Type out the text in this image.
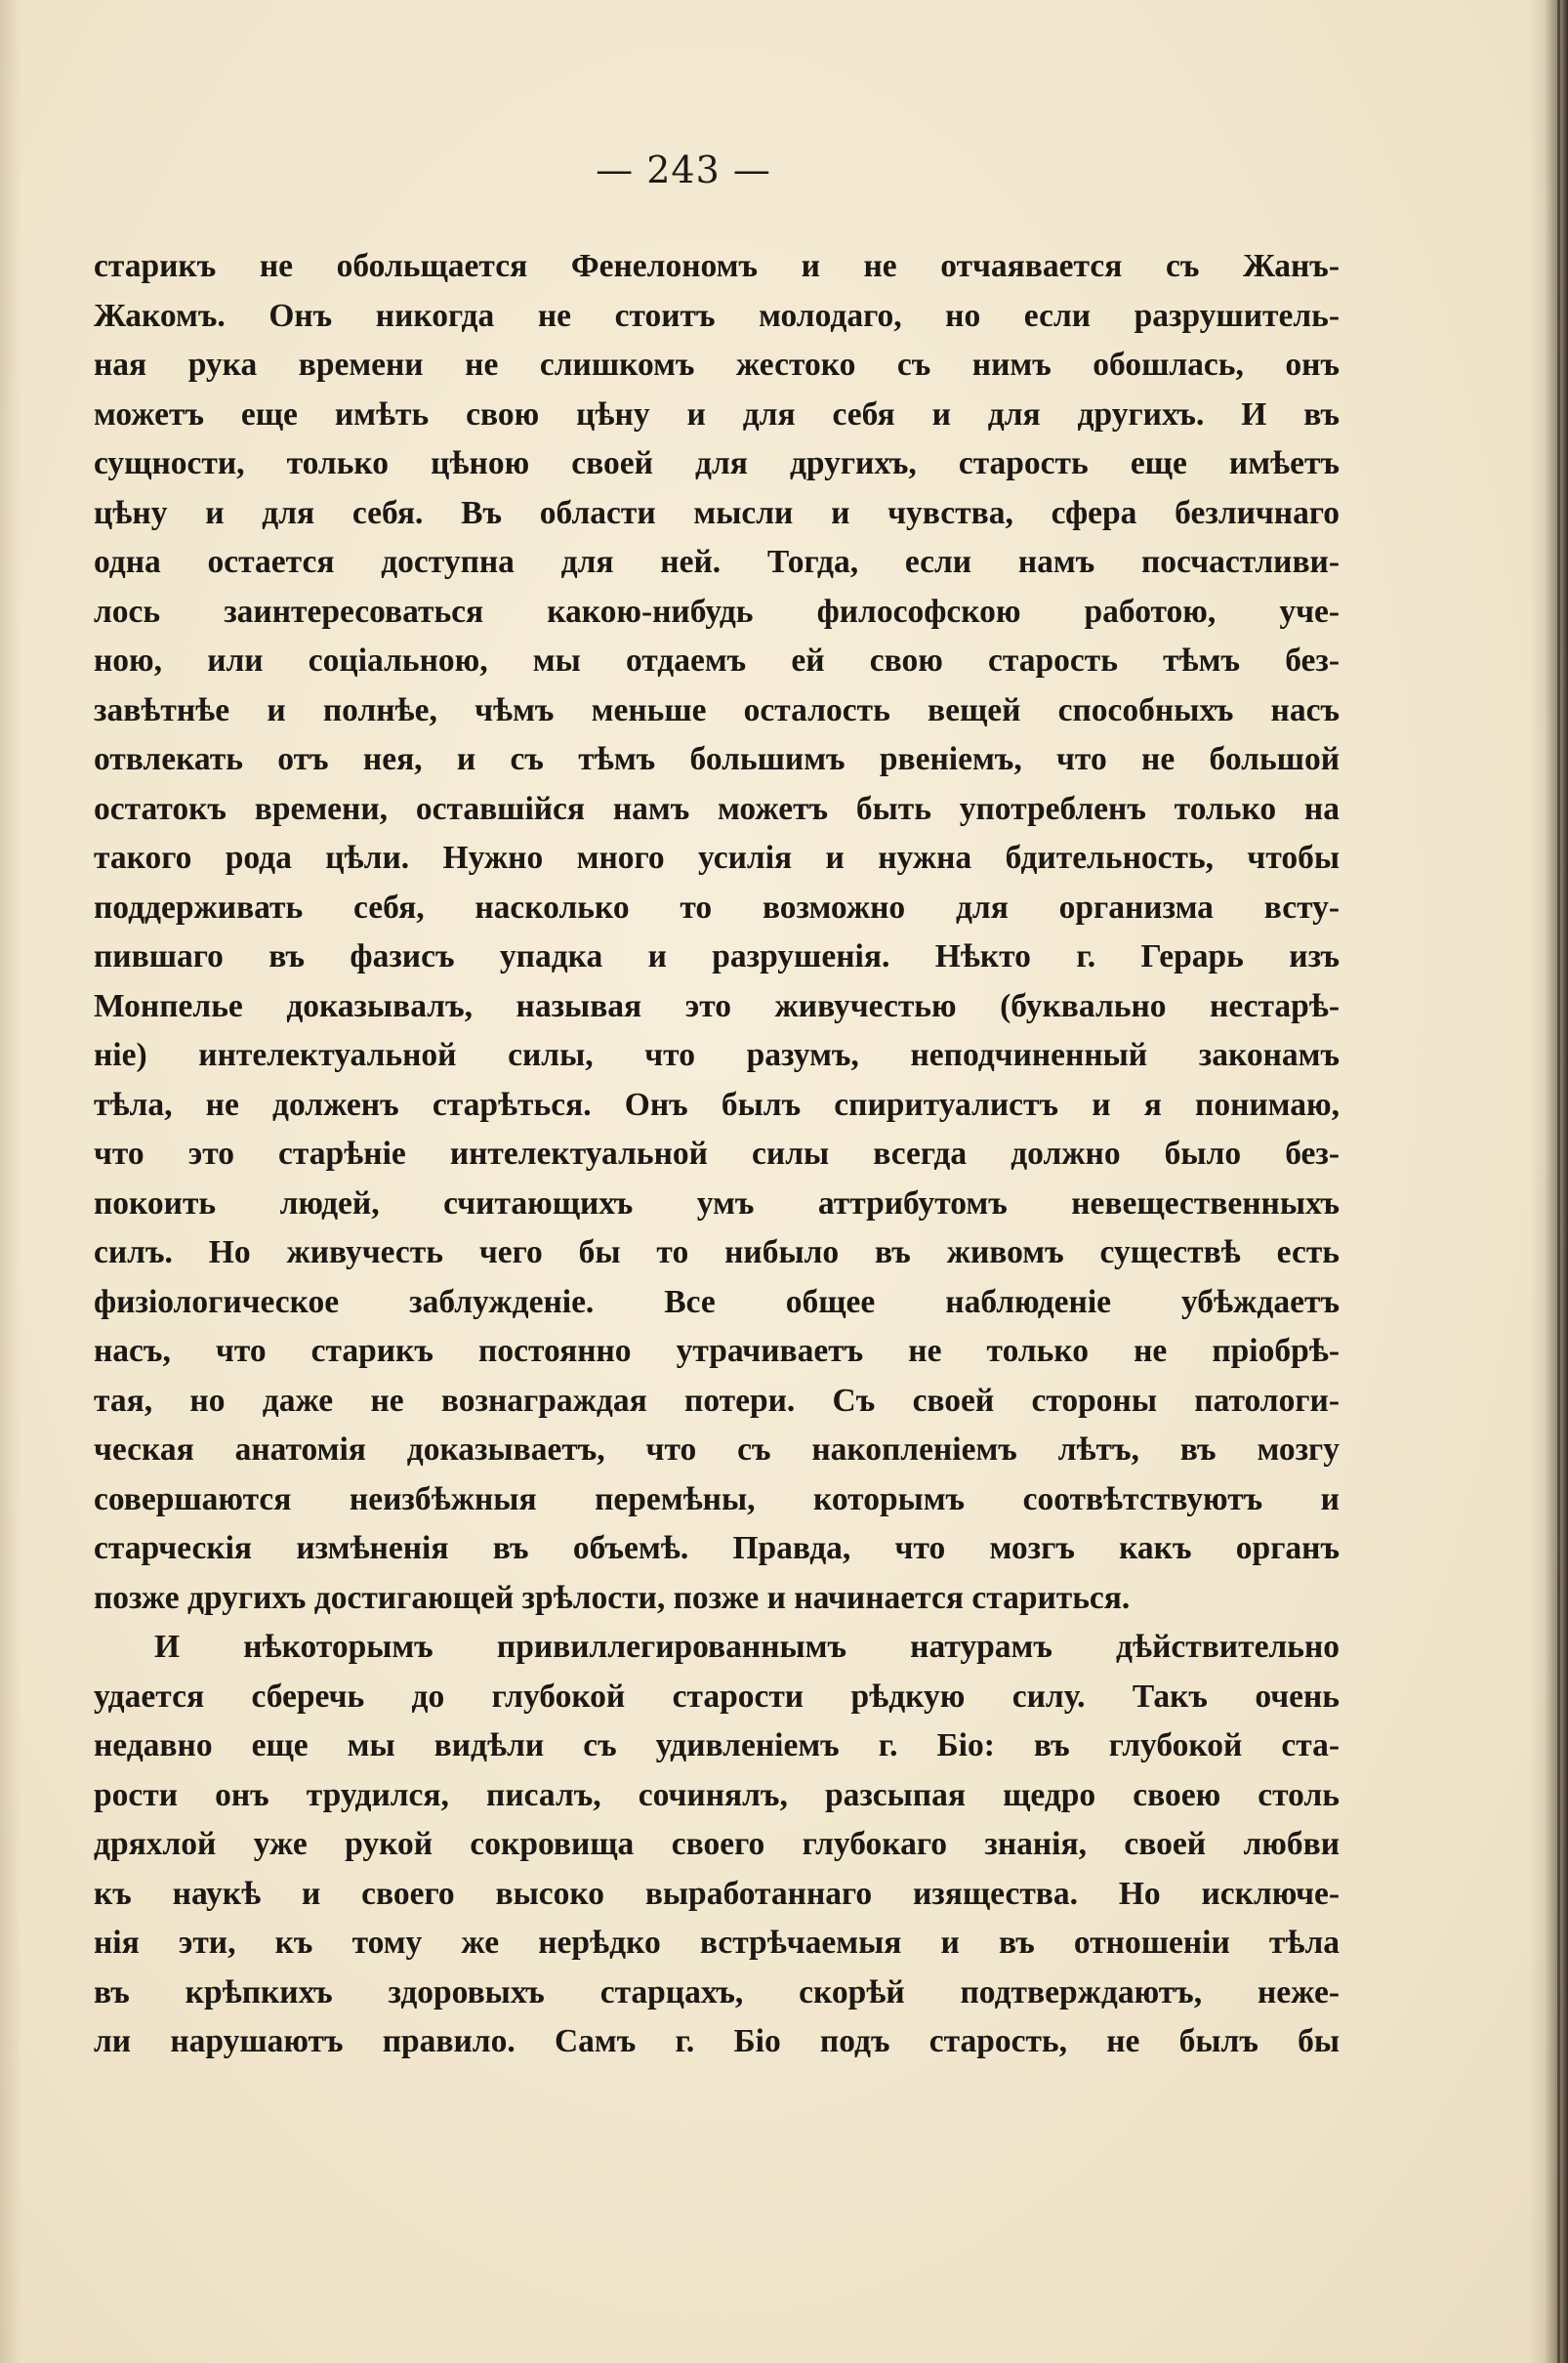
— 243 —
старикъ не обольщается Фенелономъ и не отчаявается съ Жанъ-
Жакомъ. Онъ никогда не стоитъ молодаго, но если разрушитель-
ная рука времени не слишкомъ жестоко съ нимъ обошлась, онъ
можетъ еще имѣть свою цѣну и для себя и для другихъ. И въ
сущности, только цѣною своей для другихъ, старость еще имѣетъ
цѣну и для себя. Въ области мысли и чувства, сфера безличнаго
одна остается доступна для ней. Тогда, если намъ посчастливи-
лось заинтересоваться какою-нибудь философскою работою, уче-
ною, или соціальною, мы отдаемъ ей свою старость тѣмъ без-
завѣтнѣе и полнѣе, чѣмъ меньше осталость вещей способныхъ насъ
отвлекать отъ нея, и съ тѣмъ большимъ рвеніемъ, что не большой
остатокъ времени, оставшійся намъ можетъ быть употребленъ только на
такого рода цѣли. Нужно много усилія и нужна бдительность, чтобы
поддерживать себя, насколько то возможно для организма всту-
пившаго въ фазисъ упадка и разрушенія. Нѣкто г. Герарь изъ
Монпелье доказывалъ, называя это живучестью (буквально нестарѣ-
ніе) интелектуальной силы, что разумъ, неподчиненный законамъ
тѣла, не долженъ старѣться. Онъ былъ спиритуалистъ и я понимаю,
что это старѣніе интелектуальной силы всегда должно было без-
покоить людей, считающихъ умъ аттрибутомъ невещественныхъ
силъ. Но живучесть чего бы то нибыло въ живомъ существѣ есть
физіологическое заблужденіе. Все общее наблюденіе убѣждаетъ
насъ, что старикъ постоянно утрачиваетъ не только не пріобрѣ-
тая, но даже не вознаграждая потери. Съ своей стороны патологи-
ческая анатомія доказываетъ, что съ накопленіемъ лѣтъ, въ мозгу
совершаются неизбѣжныя перемѣны, которымъ соотвѣтствуютъ и
старческія измѣненія въ объемѣ. Правда, что мозгъ какъ органъ
позже другихъ достигающей зрѣлости, позже и начинается стариться.
И нѣкоторымъ привиллегированнымъ натурамъ дѣйствительно
удается сберечь до глубокой старости рѣдкую силу. Такъ очень
недавно еще мы видѣли съ удивленіемъ г. Біо: въ глубокой ста-
рости онъ трудился, писалъ, сочинялъ, разсыпая щедро своею столь
дряхлой уже рукой сокровища своего глубокаго знанія, своей любви
къ наукѣ и своего высоко выработаннаго изящества. Но исключе-
нія эти, къ тому же нерѣдко встрѣчаемыя и въ отношеніи тѣла
въ крѣпкихъ здоровыхъ старцахъ, скорѣй подтверждаютъ, неже-
ли нарушаютъ правило. Самъ г. Біо подъ старость, не былъ бы
